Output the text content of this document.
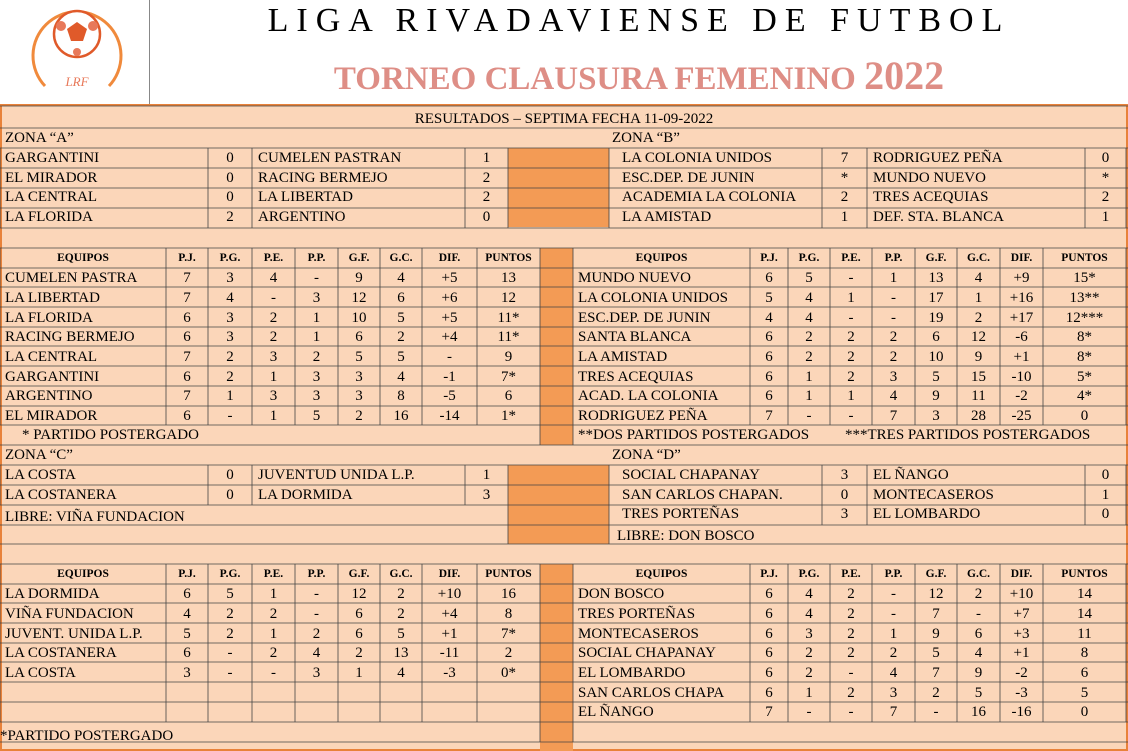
LRF
LIGA RIVADAVIENSE DE FUTBOL
TORNEO CLAUSURA FEMENINO 2022
RESULTADOS – SEPTIMA FECHA 11-09-2022
ZONA “A”	ZONA “B”
GARGANTINI	0	CUMELEN PASTRAN	1
EL MIRADOR	0	RACING BERMEJO	2
LA CENTRAL	0	LA LIBERTAD	2
LA FLORIDA	2	ARGENTINO	0
LA COLONIA UNIDOS	7	RODRIGUEZ PEÑA	0
ESC.DEP. DE JUNIN	*	MUNDO NUEVO	*
ACADEMIA LA COLONIA	2	TRES ACEQUIAS	2
LA AMISTAD	1	DEF. STA. BLANCA	1
EQUIPOS	P.J.	P.G.	P.E.	P.P.	G.F.	G.C.	DIF.	PUNTOS
CUMELEN PASTRA	7	3	4	-	9	4	+5	13
LA LIBERTAD	7	4	-	3	12	6	+6	12
LA FLORIDA	6	3	2	1	10	5	+5	11*
RACING BERMEJO	6	3	2	1	6	2	+4	11*
LA CENTRAL	7	2	3	2	5	5	-	9
GARGANTINI	6	2	1	3	3	4	-1	7*
ARGENTINO	7	1	3	3	3	8	-5	6
EL MIRADOR	6	-	1	5	2	16	-14	1*
EQUIPOS	P.J.	P.G.	P.E.	P.P.	G.F.	G.C.	DIF.	PUNTOS
MUNDO NUEVO	6	5	-	1	13	4	+9	15*
LA COLONIA UNIDOS	5	4	1	-	17	1	+16	13**
ESC.DEP. DE JUNIN	4	4	-	-	19	2	+17	12***
SANTA BLANCA	6	2	2	2	6	12	-6	8*
LA AMISTAD	6	2	2	2	10	9	+1	8*
TRES ACEQUIAS	6	1	2	3	5	15	-10	5*
ACAD. LA COLONIA	6	1	1	4	9	11	-2	4*
RODRIGUEZ PEÑA	7	-	-	7	3	28	-25	0
* PARTIDO POSTERGADO	**DOS PARTIDOS POSTERGADOS ***TRES PARTIDOS POSTERGADOS
ZONA “C”	ZONA “D”
LA COSTA	0	JUVENTUD UNIDA L.P.	1
LA COSTANERA	0	LA DORMIDA	3
SOCIAL CHAPANAY	3	EL ÑANGO	0
SAN CARLOS CHAPAN.	0	MONTECASEROS	1
TRES PORTEÑAS	3	EL LOMBARDO	0
LIBRE: VIÑA FUNDACION
LIBRE: DON BOSCO
EQUIPOS	P.J.	P.G.	P.E.	P.P.	G.F.	G.C.	DIF.	PUNTOS
LA DORMIDA	6	5	1	-	12	2	+10	16
VIÑA FUNDACION	4	2	2	-	6	2	+4	8
JUVENT. UNIDA L.P.	5	2	1	2	6	5	+1	7*
LA COSTANERA	6	-	2	4	2	13	-11	2
LA COSTA	3	-	-	3	1	4	-3	0*
EQUIPOS	P.J.	P.G.	P.E.	P.P.	G.F.	G.C.	DIF.	PUNTOS
DON BOSCO	6	4	2	-	12	2	+10	14
TRES PORTEÑAS	6	4	2	-	7	-	+7	14
MONTECASEROS	6	3	2	1	9	6	+3	11
SOCIAL CHAPANAY	6	2	2	2	5	4	+1	8
EL LOMBARDO	6	2	-	4	7	9	-2	6
SAN CARLOS CHAPA	6	1	2	3	2	5	-3	5
EL ÑANGO	7	-	-	7	-	16	-16	0
*PARTIDO POSTERGADO
